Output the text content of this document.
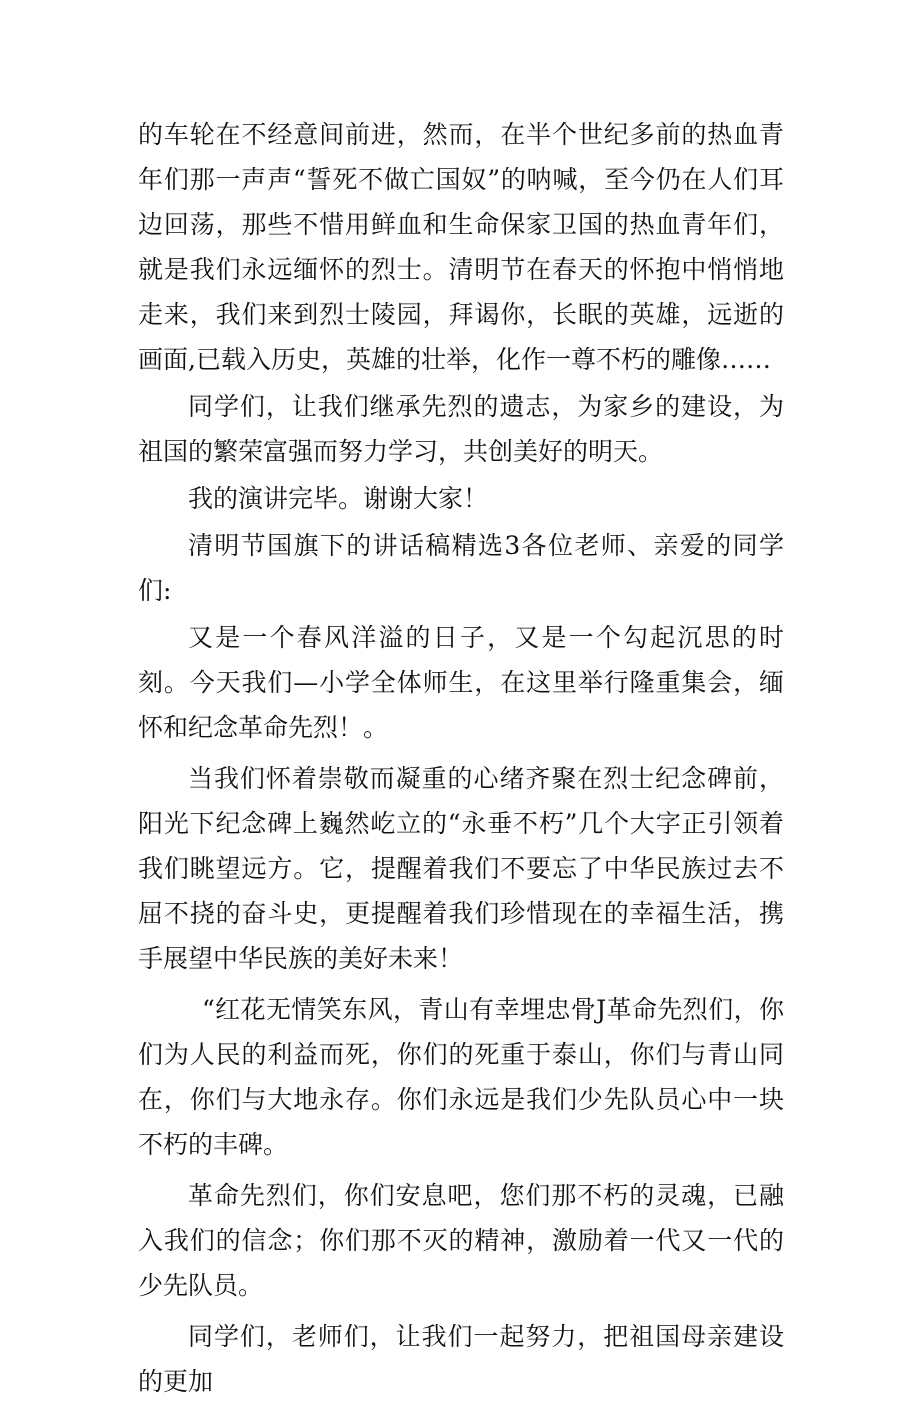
的车轮在不经意间前进，然而，在半个世纪多前的热血青年们那一声声“誓死不做亡国奴”的呐喊，至今仍在人们耳边回荡，那些不惜用鲜血和生命保家卫国的热血青年们，就是我们永远缅怀的烈士。清明节在春天的怀抱中悄悄地走来，我们来到烈士陵园，拜谒你，长眠的英雄，远逝的画面,已载入历史，英雄的壮举，化作一尊不朽的雕像……

同学们，让我们继承先烈的遗志，为家乡的建设，为祖国的繁荣富强而努力学习，共创美好的明天。

我的演讲完毕。谢谢大家！

清明节国旗下的讲话稿精选3各位老师、亲爱的同学们:

又是一个春风洋溢的日子，又是一个勾起沉思的时刻。今天我们—小学全体师生，在这里举行隆重集会，缅怀和纪念革命先烈！。

当我们怀着崇敬而凝重的心绪齐聚在烈士纪念碑前，阳光下纪念碑上巍然屹立的“永垂不朽”几个大字正引领着我们眺望远方。它，提醒着我们不要忘了中华民族过去不屈不挠的奋斗史，更提醒着我们珍惜现在的幸福生活，携手展望中华民族的美好未来！

“红花无情笑东风，青山有幸埋忠骨J革命先烈们，你们为人民的利益而死，你们的死重于泰山，你们与青山同在，你们与大地永存。你们永远是我们少先队员心中一块不朽的丰碑。

革命先烈们，你们安息吧，您们那不朽的灵魂，已融入我们的信念；你们那不灭的精神，激励着一代又一代的少先队员。

同学们，老师们，让我们一起努力，把祖国母亲建设的更加
